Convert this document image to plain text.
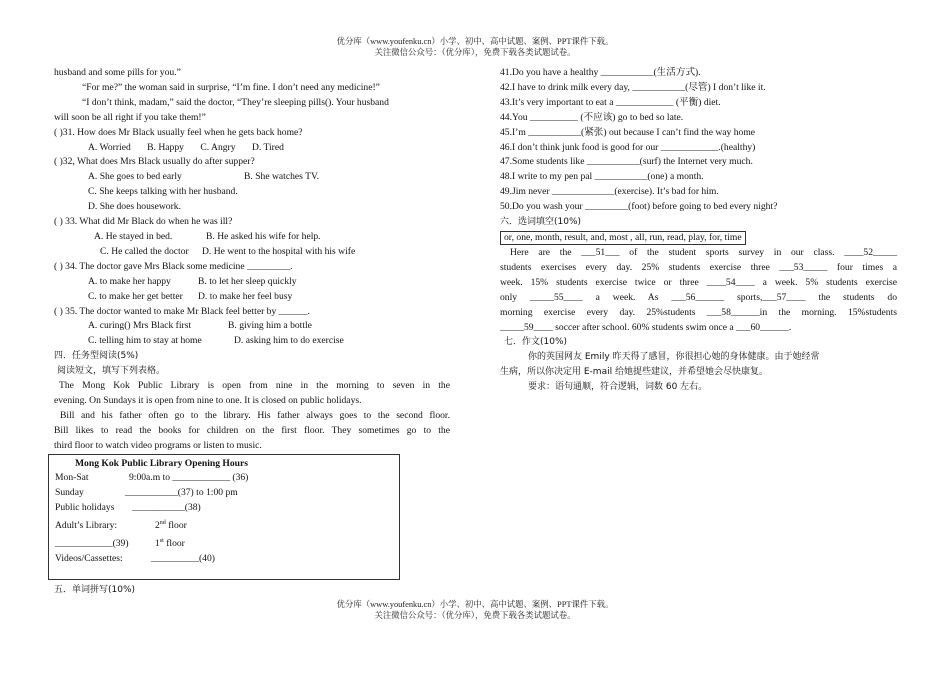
优分库（www.youfenku.cn）小学、初中、高中试题、案例、PPT课件下载。
关注微信公众号：（优分库），免费下载各类试题试卷。
husband and some pills for you.”
“For me?” the woman said in surprise, “I’m fine. I don’t need any medicine!”
“I don’t think, madam,” said the doctor, “They’re sleeping pills(). Your husband
will soon be all right if you take them!”
( )31. How does Mr Black usually feel when he gets back home?
A. Worried B. Happy C. Angry D. Tired
( )32, What does Mrs Black usually do after supper?
A. She goes to bed early	B. She watches TV.
C. She keeps talking with her husband.
D. She does housework.
( ) 33. What did Mr Black do when he was ill?
A. He stayed in bed.	B. He asked his wife for help.
C. He called the doctor D. He went to the hospital with his wife
( ) 34. The doctor gave Mrs Black some medicine _________.
A. to make her happy	B. to let her sleep quickly
C. to make her get better D. to make her feel busy
( ) 35. The doctor wanted to make Mr Black feel better by ______.
A. curing() Mrs Black first	B. giving him a bottle
C. telling him to stay at home	D. asking him to do exercise
四．任务型阅读(5%)
阅读短文，填写下列表格。
The Mong Kok Public Library is open from nine in the morning to seven in the
evening. On Sundays it is open from nine to one. It is closed on public holidays.
Bill and his father often go to the library. His father always goes to the second floor.
Bill likes to read the books for children on the first floor. They sometimes go to the
third floor to watch video programs or listen to music.
Mong Kok Public Library Opening Hours
Mon-Sat	9:00a.m to ____________ (36)
Sunday	___________(37) to 1:00 pm
Public holidays ___________(38)
Adult’s Library:	2nd floor
____________(39)	1st floor
Videos/Cassettes:	__________(40)
五．单词拼写(10%)
41.Do you have a healthy ___________(生活方式).
42.I have to drink milk every day, ___________(尽管) I don’t like it.
43.It’s very important to eat a ____________ (平衡) diet.
44.You __________ (不应该) go to bed so late.
45.I’m ___________(紧张) out because I can’t find the way home
46.I don’t think junk food is good for our ____________.(healthy)
47.Some students like ___________(surf) the Internet very much.
48.I write to my pen pal ___________(one) a month.
49.Jim never _____________(exercise). It’s bad for him.
50.Do you wash your _________(foot) before going to bed every night?
六．选词填空(10%)
or, one, month, result, and, most , all, run, read, play, for, time
Here are the ___51___ of the student sports survey in our class. ____52_____
students exercises every day. 25% students exercise three ___53_____ four times a
week. 15% students exercise twice or three ____54____ a week. 5% students exercise
only _____55____ a week. As ___56______ sports,___57____ the students do
morning exercise every day. 25%students ___58______in the morning. 15%students
_____59____ soccer after school. 60% students swim once a ___60______.
七．作文(10%)
你的英国网友 Emily 昨天得了感冒，你很担心她的身体健康。由于她经常
生病，所以你决定用 E-mail 给她提些建议，并希望她会尽快康复。
要求：语句通顺，符合逻辑，词数 60 左右。
优分库（www.youfenku.cn）小学、初中、高中试题、案例、PPT课件下载。
关注微信公众号：（优分库），免费下载各类试题试卷。
